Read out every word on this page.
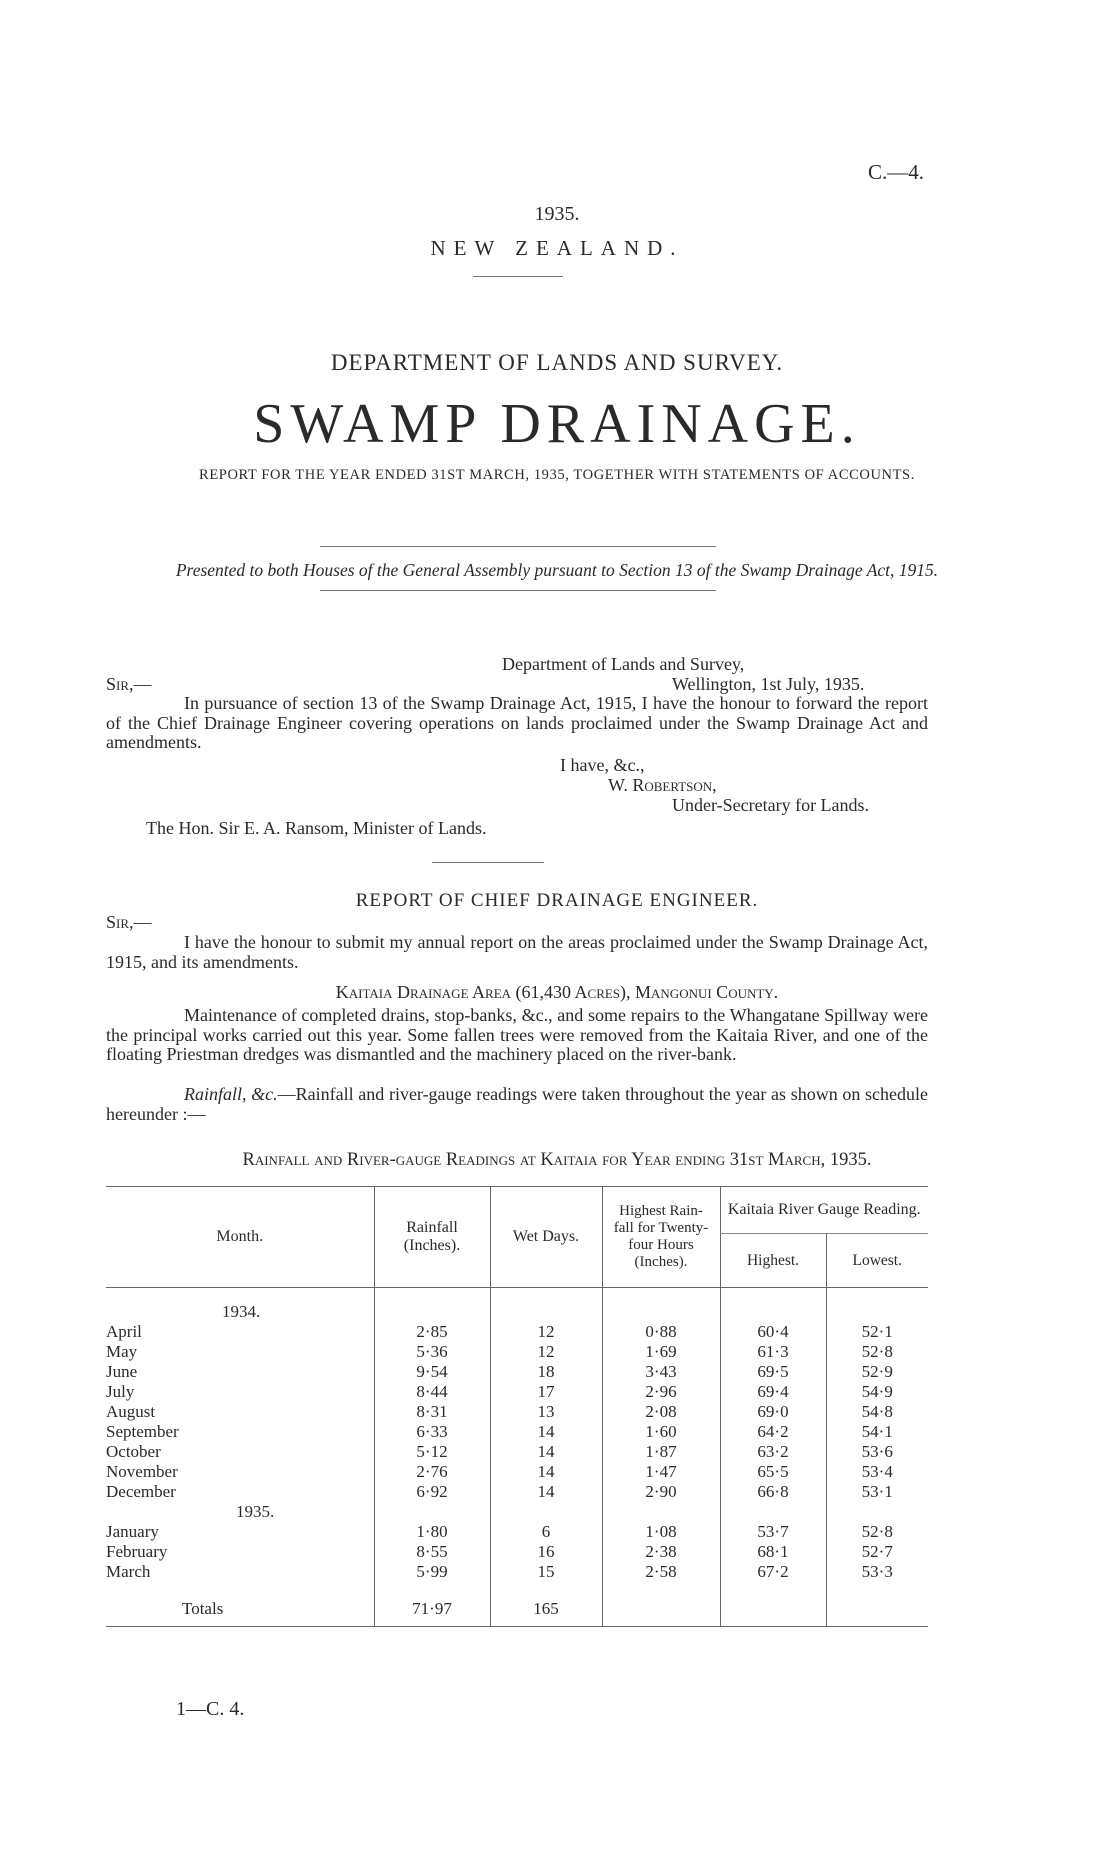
C.—4.
1935.
NEW ZEALAND.
DEPARTMENT OF LANDS AND SURVEY.
SWAMP DRAINAGE.
REPORT FOR THE YEAR ENDED 31ST MARCH, 1935, TOGETHER WITH STATEMENTS OF ACCOUNTS.
Presented to both Houses of the General Assembly pursuant to Section 13 of the Swamp Drainage Act, 1915.
Department of Lands and Survey,
Sir,—	Wellington, 1st July, 1935.
In pursuance of section 13 of the Swamp Drainage Act, 1915, I have the honour to forward the report of the Chief Drainage Engineer covering operations on lands proclaimed under the Swamp Drainage Act and amendments.
I have, &c.,
W. Robertson,
Under-Secretary for Lands.
The Hon. Sir E. A. Ransom, Minister of Lands.
REPORT OF CHIEF DRAINAGE ENGINEER.
Sir,—
I have the honour to submit my annual report on the areas proclaimed under the Swamp Drainage Act, 1915, and its amendments.
Kaitaia Drainage Area (61,430 Acres), Mangonui County.
Maintenance of completed drains, stop-banks, &c., and some repairs to the Whangatane Spillway were the principal works carried out this year. Some fallen trees were removed from the Kaitaia River, and one of the floating Priestman dredges was dismantled and the machinery placed on the river-bank.
Rainfall, &c.—Rainfall and river-gauge readings were taken throughout the year as shown on schedule hereunder :—
Rainfall and River-gauge Readings at Kaitaia for Year ending 31st March, 1935.
Month.	Rainfall (Inches).	Wet Days.	Highest Rain-fall for Twenty-four Hours (Inches).	Kaitaia River Gauge Reading.	
				Highest.	Lowest.

1934.					
April	2·85	12	0·88	60·4	52·1
May	5·36	12	1·69	61·3	52·8
June	9·54	18	3·43	69·5	52·9
July	8·44	17	2·96	69·4	54·9
August	8·31	13	2·08	69·0	54·8
September	6·33	14	1·60	64·2	54·1
October	5·12	14	1·87	63·2	53·6
November	2·76	14	1·47	65·5	53·4
December	6·92	14	2·90	66·8	53·1
1935.					
January	1·80	6	1·08	53·7	52·8
February	8·55	16	2·38	68·1	52·7
March	5·99	15	2·58	67·2	53·3

Totals	71·97	165			
1—C. 4.
